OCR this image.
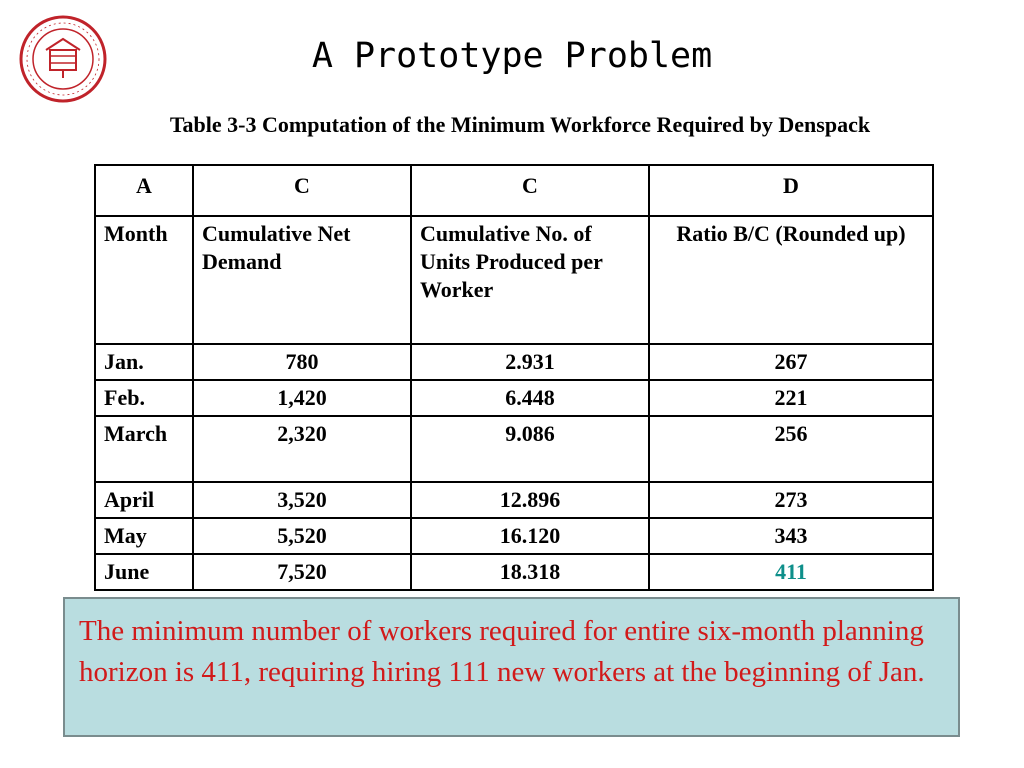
A Prototype Problem
Table 3-3 Computation of the Minimum Workforce Required by Denspack
A	C	C	D
Month	Cumulative Net Demand	Cumulative No. of Units Produced per Worker	Ratio B/C (Rounded up)
Jan.	780	2.931	267
Feb.	1,420	6.448	221
March	2,320	9.086	256
April	3,520	12.896	273
May	5,520	16.120	343
June	7,520	18.318	411
The minimum number of workers required for entire six-month planning horizon is 411, requiring hiring 111 new workers at the beginning of Jan.
